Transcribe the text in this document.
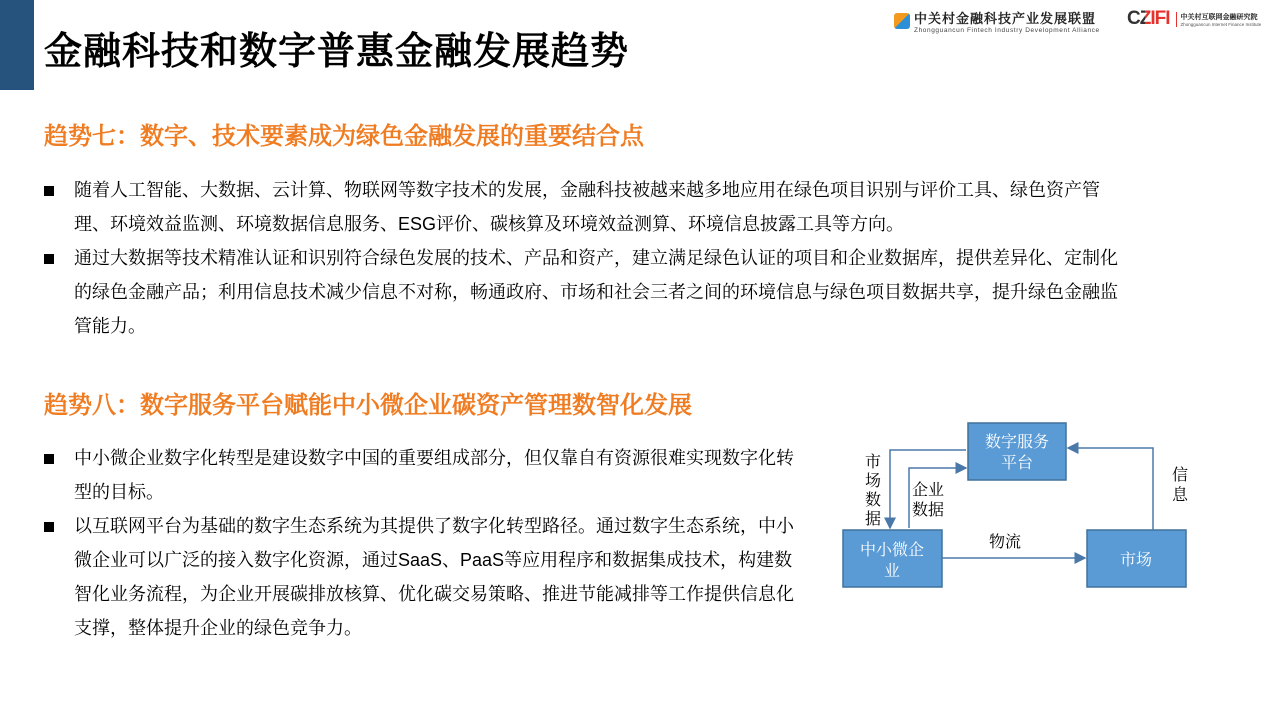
金融科技和数字普惠金融发展趋势
中关村金融科技产业发展联盟
Zhongguancun Fintech Industry Development Alliance
CZIFI 中关村互联网金融研究院
Zhongguancun Internet Finance Institute
趋势七：数字、技术要素成为绿色金融发展的重要结合点
随着人工智能、大数据、云计算、物联网等数字技术的发展，金融科技被越来越多地应用在绿色项目识别与评价工具、绿色资产管理、环境效益监测、环境数据信息服务、ESG评价、碳核算及环境效益测算、环境信息披露工具等方向。
通过大数据等技术精准认证和识别符合绿色发展的技术、产品和资产，建立满足绿色认证的项目和企业数据库，提供差异化、定制化的绿色金融产品；利用信息技术减少信息不对称，畅通政府、市场和社会三者之间的环境信息与绿色项目数据共享，提升绿色金融监管能力。
趋势八：数字服务平台赋能中小微企业碳资产管理数智化发展
中小微企业数字化转型是建设数字中国的重要组成部分，但仅靠自有资源很难实现数字化转型的目标。
以互联网平台为基础的数字生态系统为其提供了数字化转型路径。通过数字生态系统，中小微企业可以广泛的接入数字化资源，通过SaaS、PaaS等应用程序和数据集成技术，构建数智化业务流程，为企业开展碳排放核算、优化碳交易策略、推进节能减排等工作提供信息化支撑，整体提升企业的绿色竞争力。
数字服务
平台
中小微企
业
市场
市
场
数
据
企业
数据
物流
信
息
